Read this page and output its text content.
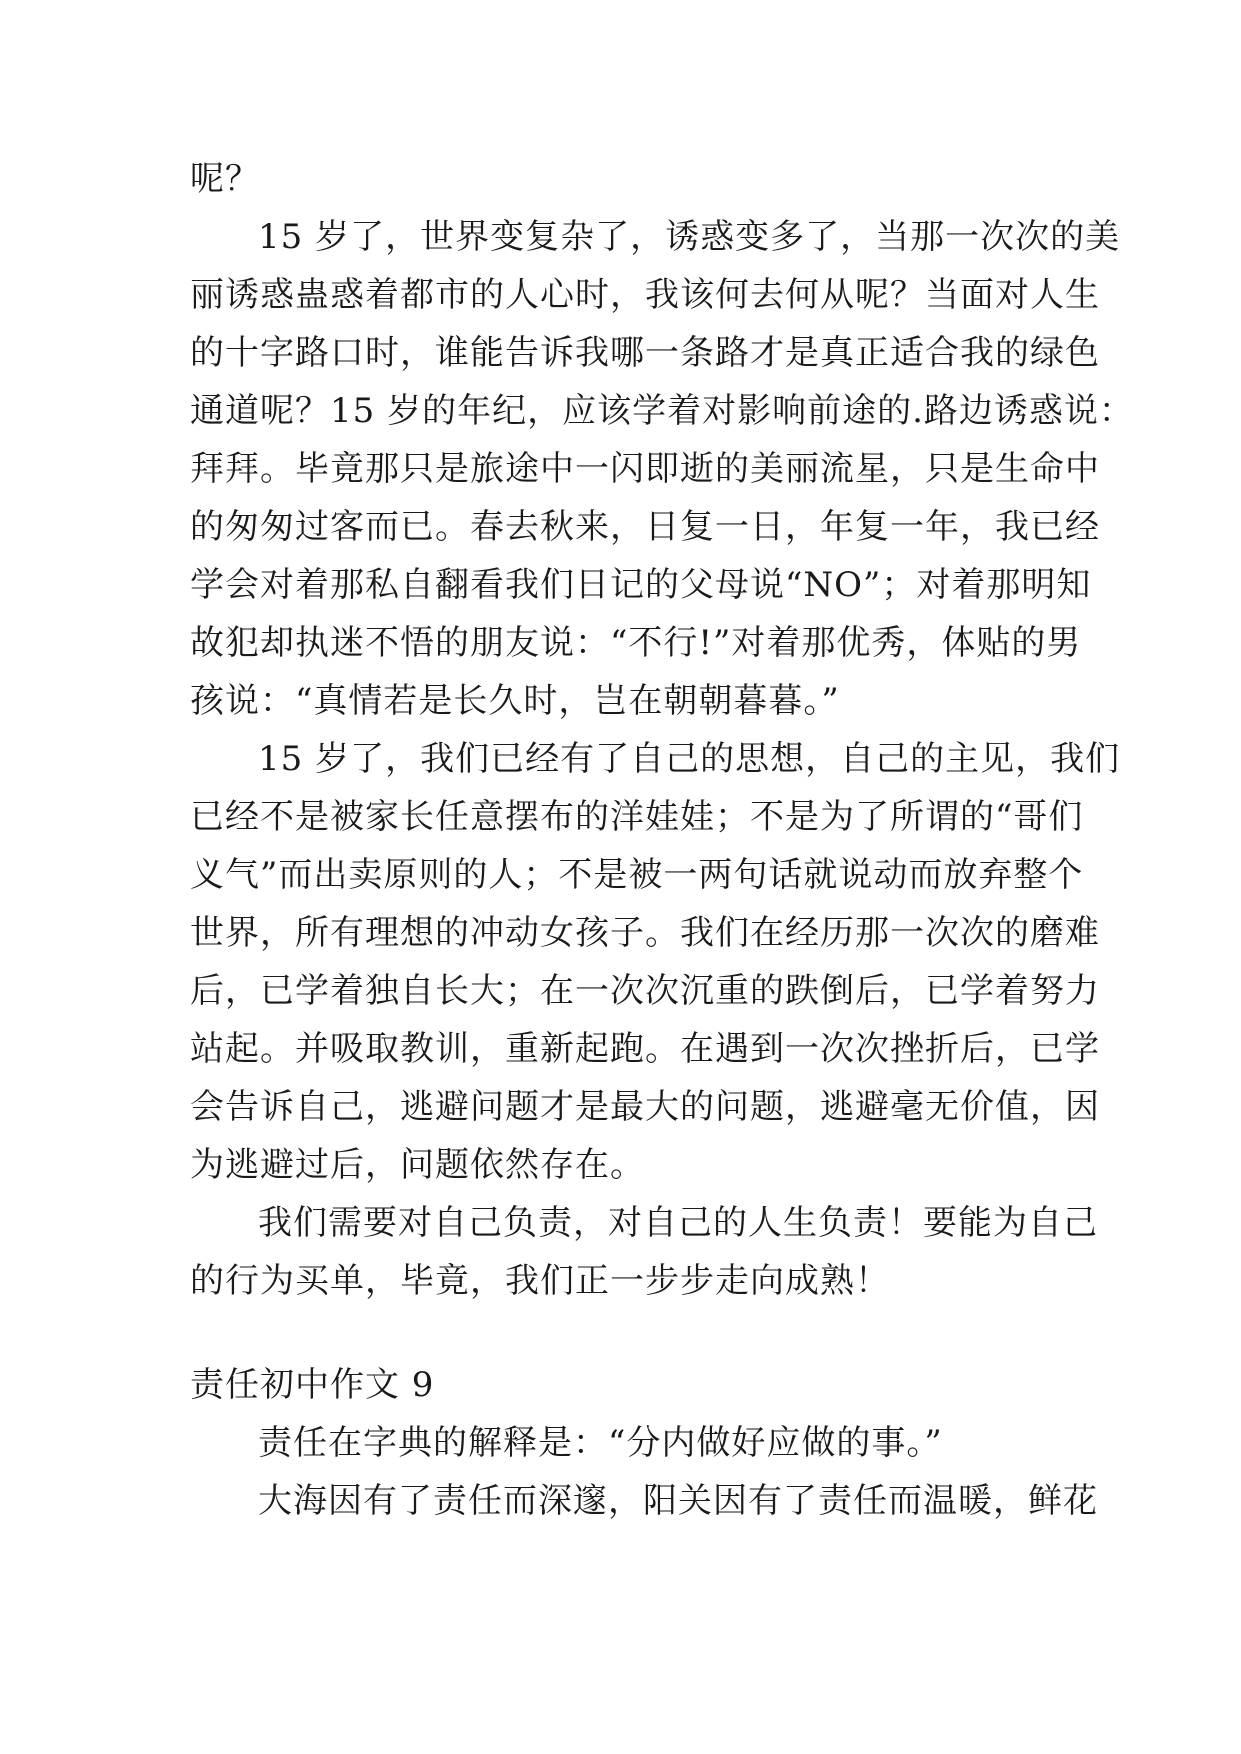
呢？
15 岁了，世界变复杂了，诱惑变多了，当那一次次的美
丽诱惑蛊惑着都市的人心时，我该何去何从呢？当面对人生
的十字路口时，谁能告诉我哪一条路才是真正适合我的绿色
通道呢？15 岁的年纪，应该学着对影响前途的.路边诱惑说：
拜拜。毕竟那只是旅途中一闪即逝的美丽流星，只是生命中
的匆匆过客而已。春去秋来，日复一日，年复一年，我已经
学会对着那私自翻看我们日记的父母说“NO”；对着那明知
故犯却执迷不悟的朋友说：“不行!”对着那优秀，体贴的男
孩说：“真情若是长久时，岂在朝朝暮暮。”
15 岁了，我们已经有了自己的思想，自己的主见，我们
已经不是被家长任意摆布的洋娃娃；不是为了所谓的“哥们
义气”而出卖原则的人；不是被一两句话就说动而放弃整个
世界，所有理想的冲动女孩子。我们在经历那一次次的磨难
后，已学着独自长大；在一次次沉重的跌倒后，已学着努力
站起。并吸取教训，重新起跑。在遇到一次次挫折后，已学
会告诉自己，逃避问题才是最大的问题，逃避毫无价值，因
为逃避过后，问题依然存在。
我们需要对自己负责，对自己的人生负责！要能为自己
的行为买单，毕竟，我们正一步步走向成熟！
责任初中作文 9
责任在字典的解释是：“分内做好应做的事。”
大海因有了责任而深邃，阳关因有了责任而温暖，鲜花
